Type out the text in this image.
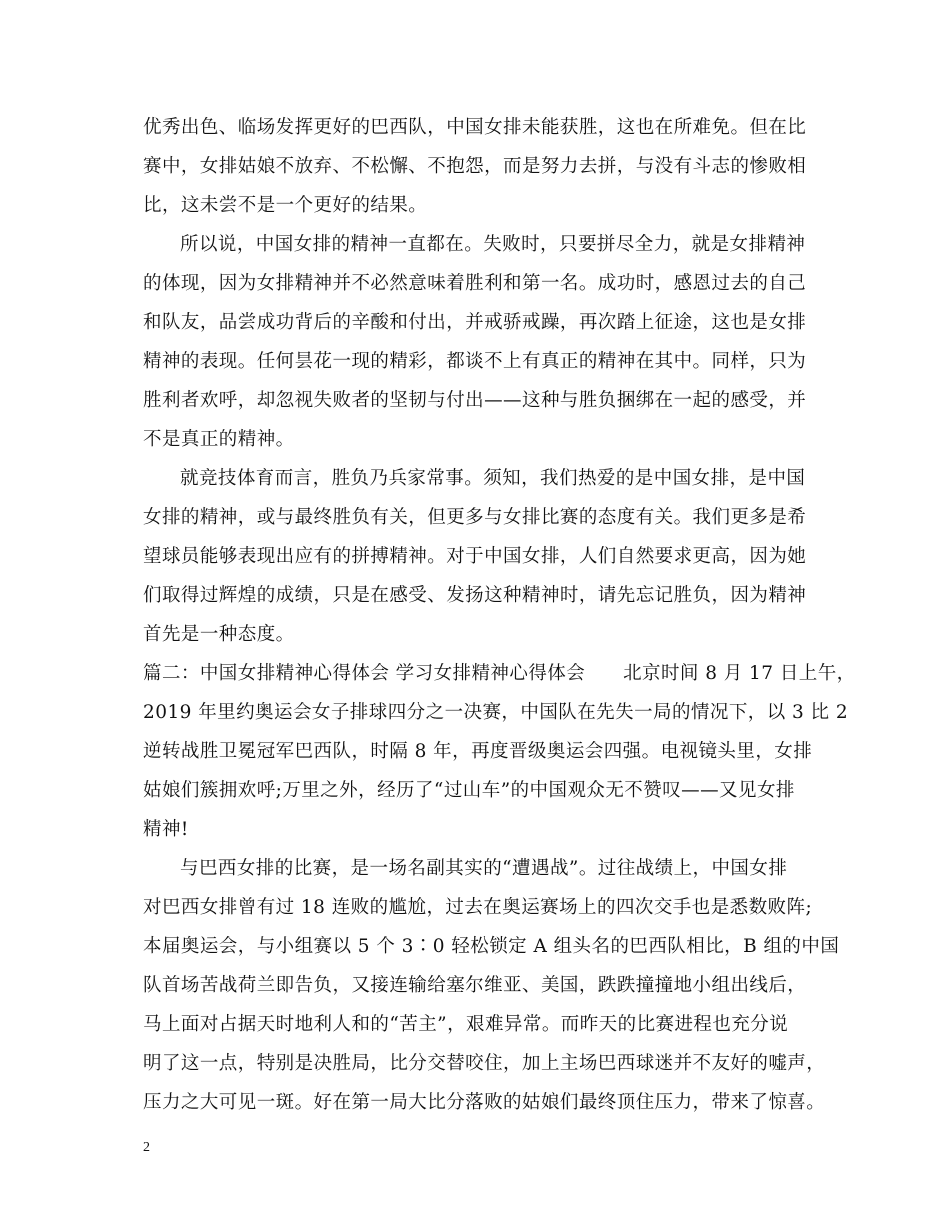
优秀出色、临场发挥更好的巴西队，中国女排未能获胜，这也在所难免。但在比
赛中，女排姑娘不放弃、不松懈、不抱怨，而是努力去拼，与没有斗志的惨败相
比，这未尝不是一个更好的结果。
所以说，中国女排的精神一直都在。失败时，只要拼尽全力，就是女排精神
的体现，因为女排精神并不必然意味着胜利和第一名。成功时，感恩过去的自己
和队友，品尝成功背后的辛酸和付出，并戒骄戒躁，再次踏上征途，这也是女排
精神的表现。任何昙花一现的精彩，都谈不上有真正的精神在其中。同样，只为
胜利者欢呼，却忽视失败者的坚韧与付出——这种与胜负捆绑在一起的感受，并
不是真正的精神。
就竞技体育而言，胜负乃兵家常事。须知，我们热爱的是中国女排，是中国
女排的精神，或与最终胜负有关，但更多与女排比赛的态度有关。我们更多是希
望球员能够表现出应有的拼搏精神。对于中国女排，人们自然要求更高，因为她
们取得过辉煌的成绩，只是在感受、发扬这种精神时，请先忘记胜负，因为精神
首先是一种态度。
篇二：中国女排精神心得体会 学习女排精神心得体会　　北京时间 8 月 17 日上午，
2019 年里约奥运会女子排球四分之一决赛，中国队在先失一局的情况下，以 3 比 2
逆转战胜卫冕冠军巴西队，时隔 8 年，再度晋级奥运会四强。电视镜头里，女排
姑娘们簇拥欢呼;万里之外，经历了“过山车”的中国观众无不赞叹——又见女排
精神!
与巴西女排的比赛，是一场名副其实的“遭遇战”。过往战绩上，中国女排
对巴西女排曾有过 18 连败的尴尬，过去在奥运赛场上的四次交手也是悉数败阵;
本届奥运会，与小组赛以 5 个 3∶0 轻松锁定 A 组头名的巴西队相比，B 组的中国
队首场苦战荷兰即告负，又接连输给塞尔维亚、美国，跌跌撞撞地小组出线后，
马上面对占据天时地利人和的“苦主”，艰难异常。而昨天的比赛进程也充分说
明了这一点，特别是决胜局，比分交替咬住，加上主场巴西球迷并不友好的嘘声，
压力之大可见一斑。好在第一局大比分落败的姑娘们最终顶住压力，带来了惊喜。
2
